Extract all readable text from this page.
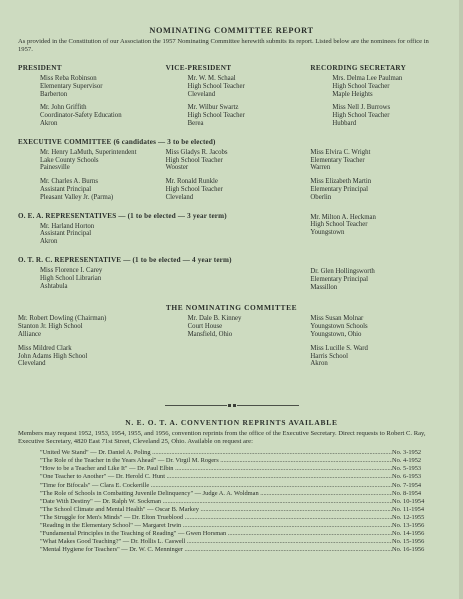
NOMINATING COMMITTEE REPORT
As provided in the Constitution of our Association the 1957 Nominating Committee herewith submits its report. Listed below are the nominees for office in 1957.
PRESIDENT
Miss Reba Robinson
Elementary Supervisor
Barberton
Mr. John Griffith
Coordinator-Safety Education
Akron
VICE-PRESIDENT
Mr. W. M. Schaal
High School Teacher
Cleveland
Mr. Wilbur Swartz
High School Teacher
Berea
RECORDING SECRETARY
Mrs. Delma Lee Paulman
High School Teacher
Maple Heights
Miss Nell J. Burrows
High School Teacher
Hubbard
EXECUTIVE COMMITTEE (6 candidates — 3 to be elected)
Mr. Henry LaMuth, Superintendent
Lake County Schools
Painesville
Mr. Charles A. Burns
Assistant Principal
Pleasant Valley Jr. (Parma)
Miss Gladys R. Jacobs
High School Teacher
Wooster
Mr. Ronald Runkle
High School Teacher
Cleveland
Miss Elvira C. Wright
Elementary Teacher
Warren
Miss Elizabeth Martin
Elementary Principal
Oberlin
O. E. A. REPRESENTATIVES — (1 to be elected — 3 year term)
Mr. Harland Horton
Assistant Principal
Akron
Mr. Milton A. Heckman
High School Teacher
Youngstown
O. T. R. C. REPRESENTATIVE — (1 to be elected — 4 year term)
Miss Florence I. Carey
High School Librarian
Ashtabula
Dr. Glen Hollingsworth
Elementary Principal
Massillon
THE NOMINATING COMMITTEE
Mr. Robert Dowling (Chairman)
Stanton Jr. High School
Alliance
Miss Mildred Clark
John Adams High School
Cleveland
Mr. Dale B. Kinney
Court House
Mansfield, Ohio
Miss Susan Molnar
Youngstown Schools
Youngstown, Ohio
Miss Lucille S. Ward
Harris School
Akron
N. E. O. T. A. CONVENTION REPRINTS AVAILABLE
Members may request 1952, 1953, 1954, 1955, and 1956, convention reprints from the office of the Executive Secretary. Direct requests to Robert C. Ray, Executive Secretary, 4820 East 71st Street, Cleveland 25, Ohio. Available on request are:
"United We Stand" — Dr. Daniel A. Poling .....	No. 3-1952
"The Role of the Teacher in the Years Ahead" — Dr. Virgil M. Rogers .....	No. 4-1952
"How to be a Teacher and Like It" — Dr. Paul Elbin .....	No. 5-1953
"One Teacher to Another" — Dr. Herold C. Hunt .....	No. 6-1953
"Time for Bifocals" — Clara E. Cockerille .....	No. 7-1954
"The Role of Schools in Combatting Juvenile Delinquency" — Judge A. A. Woldman .....	No. 8-1954
"Date With Destiny" — Dr. Ralph W. Sockman .....	No. 10-1954
"The School Climate and Mental Health" — Oscar B. Markey .....	No. 11-1954
"The Struggle for Men's Minds" — Dr. Elton Trueblood .....	No. 12-1955
"Reading in the Elementary School" — Margaret Irwin .....	No. 13-1956
"Fundamental Principles in the Teaching of Reading" — Gwen Horsman .....	No. 14-1956
"What Makes Good Teaching?" — Dr. Hollis L. Caswell .....	No. 15-1956
"Mental Hygiene for Teachers" — Dr. W. C. Menninger .....	No. 16-1956
